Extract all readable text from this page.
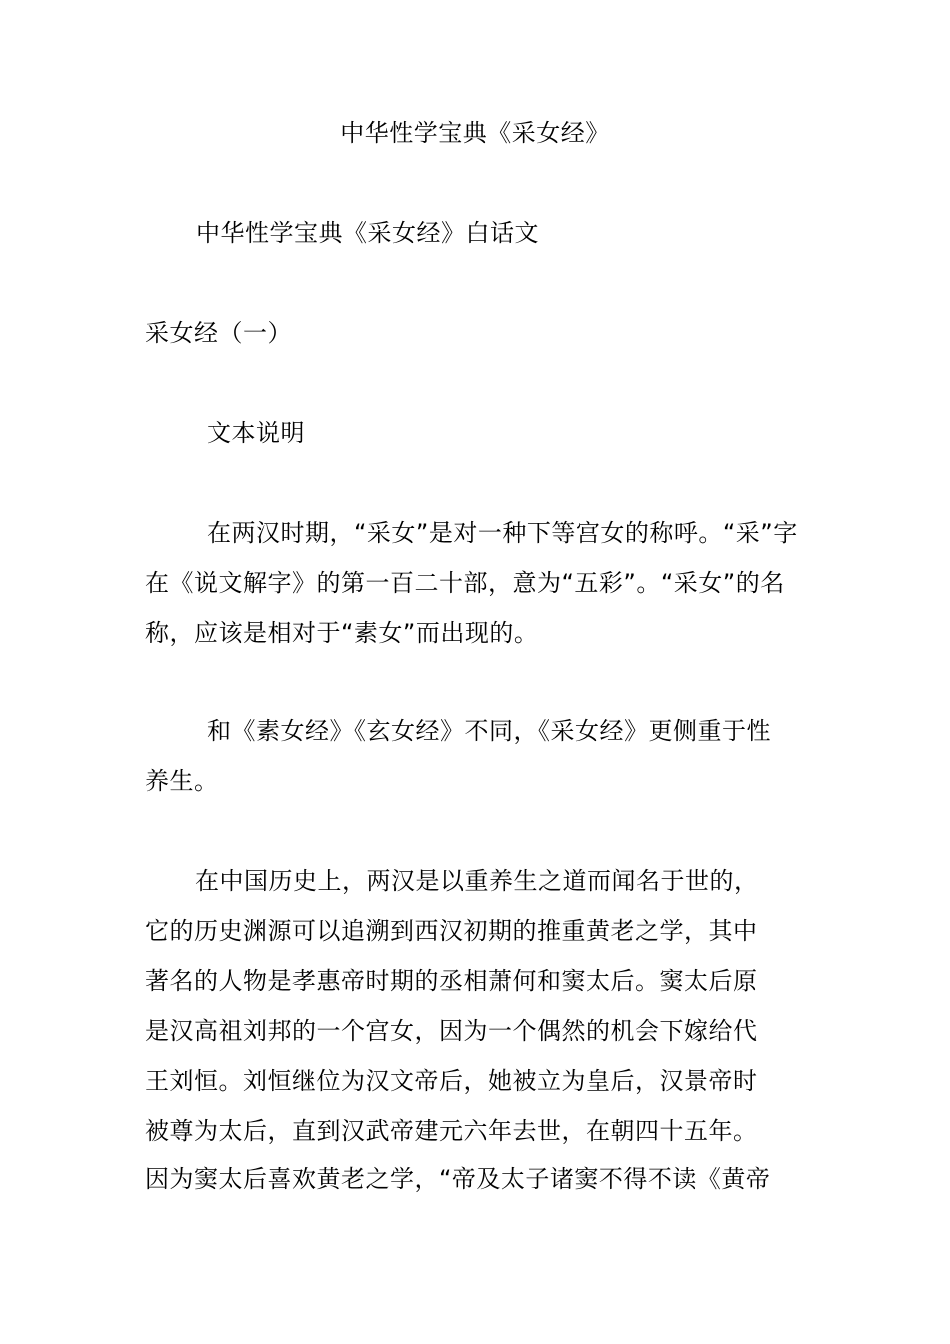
中华性学宝典《采女经》
中华性学宝典《采女经》白话文
采女经（一）
文本说明
在两汉时期，“采女”是对一种下等宫女的称呼。“采”字
在《说文解字》的第一百二十部，意为“五彩”。“采女”的名
称，应该是相对于“素女”而出现的。
和《素女经》《玄女经》不同，《采女经》更侧重于性
养生。
在中国历史上，两汉是以重养生之道而闻名于世的，
它的历史渊源可以追溯到西汉初期的推重黄老之学，其中
著名的人物是孝惠帝时期的丞相萧何和窦太后。窦太后原
是汉高祖刘邦的一个宫女，因为一个偶然的机会下嫁给代
王刘恒。刘恒继位为汉文帝后，她被立为皇后，汉景帝时
被尊为太后，直到汉武帝建元六年去世，在朝四十五年。
因为窦太后喜欢黄老之学，“帝及太子诸窦不得不读《黄帝
